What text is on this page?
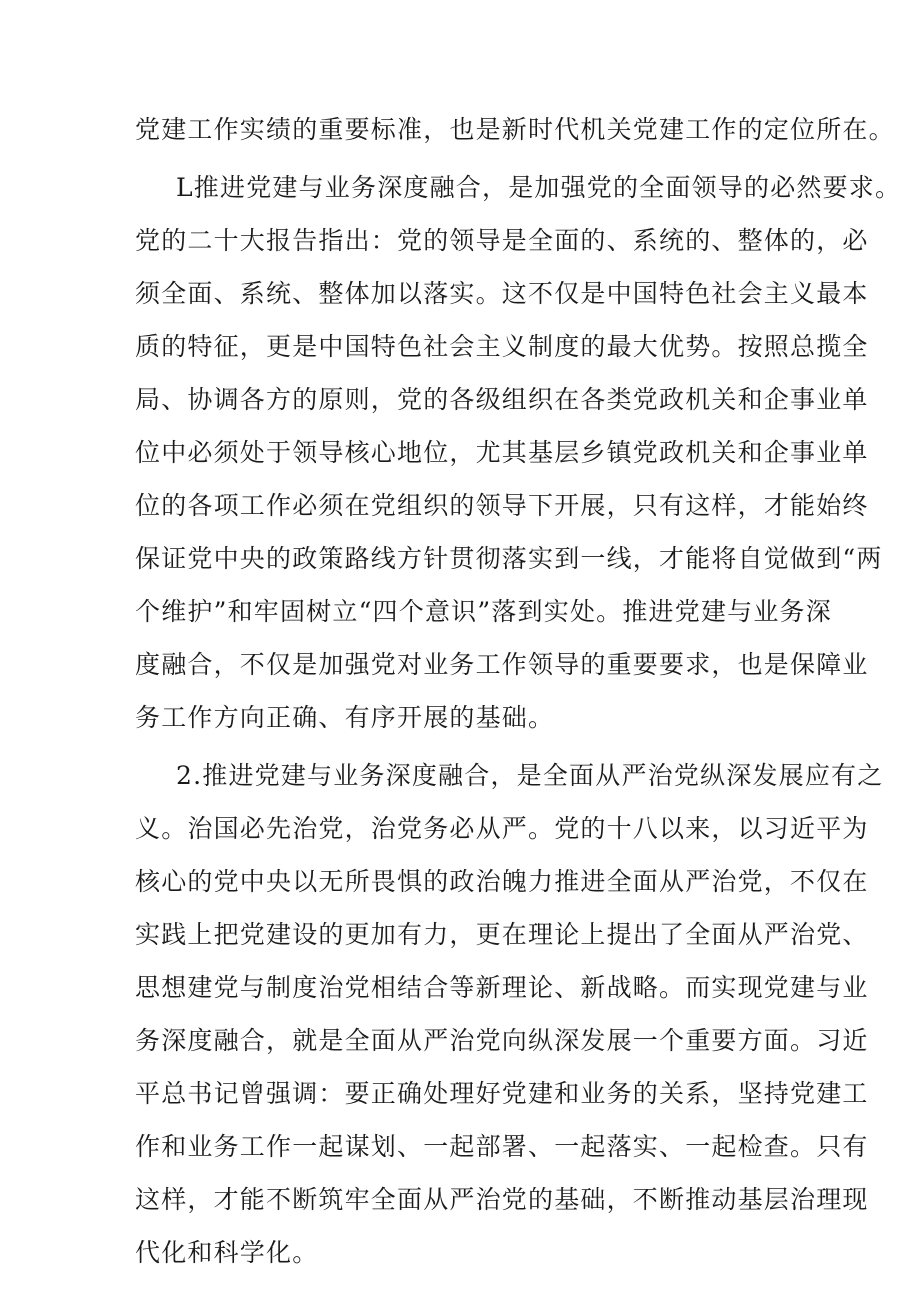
党建工作实绩的重要标准，也是新时代机关党建工作的定位所在。
L推进党建与业务深度融合，是加强党的全面领导的必然要求。
党的二十大报告指出：党的领导是全面的、系统的、整体的，必
须全面、系统、整体加以落实。这不仅是中国特色社会主义最本
质的特征，更是中国特色社会主义制度的最大优势。按照总揽全
局、协调各方的原则，党的各级组织在各类党政机关和企事业单
位中必须处于领导核心地位，尤其基层乡镇党政机关和企事业单
位的各项工作必须在党组织的领导下开展，只有这样，才能始终
保证党中央的政策路线方针贯彻落实到一线，才能将自觉做到“两
个维护”和牢固树立“四个意识”落到实处。推进党建与业务深
度融合，不仅是加强党对业务工作领导的重要要求，也是保障业
务工作方向正确、有序开展的基础。
2.推进党建与业务深度融合，是全面从严治党纵深发展应有之
义。治国必先治党，治党务必从严。党的十八以来，以习近平为
核心的党中央以无所畏惧的政治魄力推进全面从严治党，不仅在
实践上把党建设的更加有力，更在理论上提出了全面从严治党、
思想建党与制度治党相结合等新理论、新战略。而实现党建与业
务深度融合，就是全面从严治党向纵深发展一个重要方面。习近
平总书记曾强调：要正确处理好党建和业务的关系，坚持党建工
作和业务工作一起谋划、一起部署、一起落实、一起检查。只有
这样，才能不断筑牢全面从严治党的基础，不断推动基层治理现
代化和科学化。
